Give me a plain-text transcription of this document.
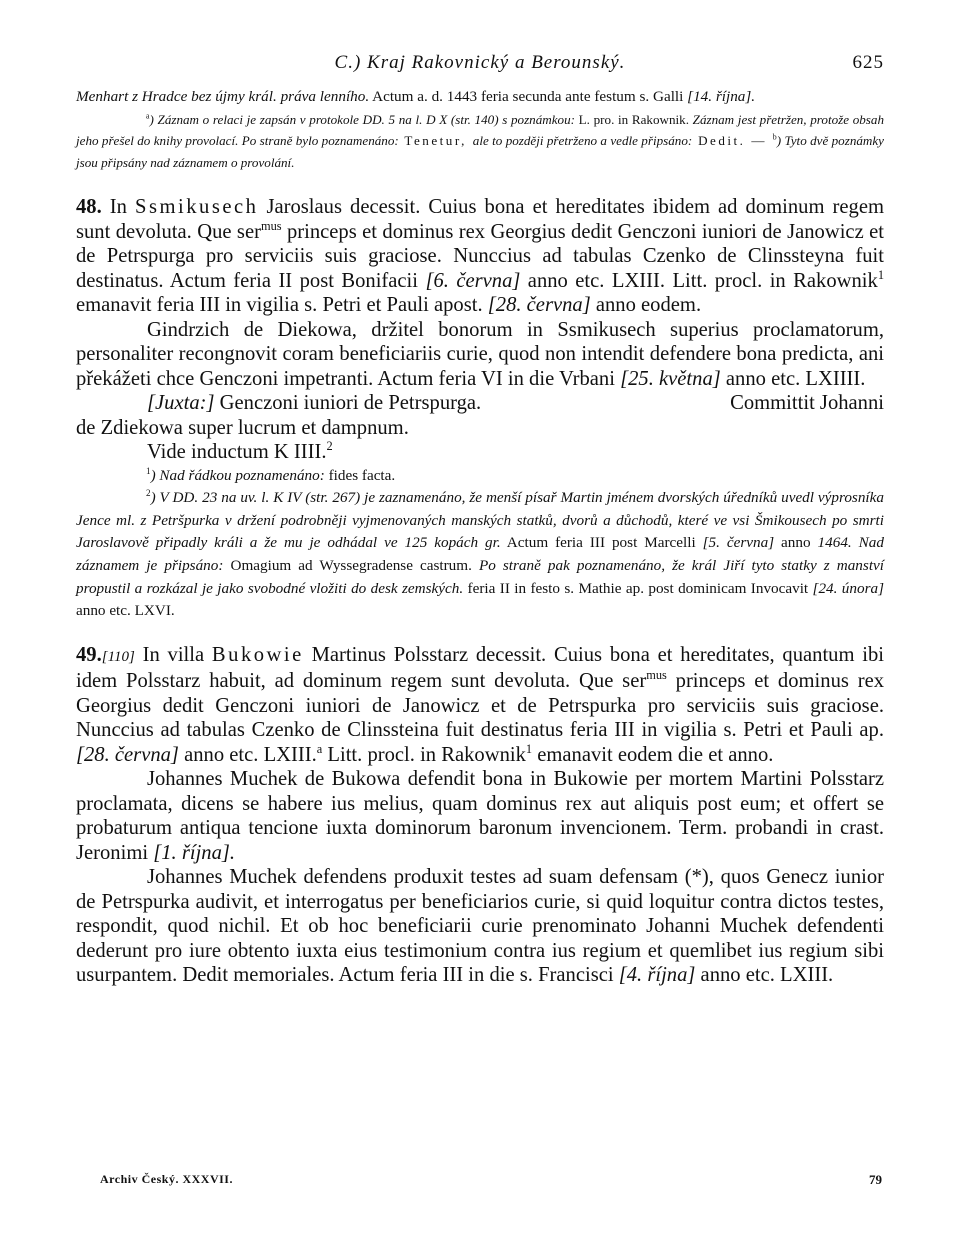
C.) Kraj Rakovnický a Berounský.	625

Menhart z Hradce bez újmy král. práva lenního. Actum a. d. 1443 feria secunda ante festum s. Galli [14. října].

$^a$) Záznam o relaci je zapsán v protokole DD. 5 na l. D X (str. 140) s poznámkou: L. pro. in Rakownik. Záznam jest přetržen, protože obsah jeho přešel do knihy provolací. Po straně bylo poznamenáno: Tenetur, ale to později přetrženo a vedle připsáno: Dedit. — $^b$) Tyto dvě poznámky jsou připsány nad záznamem o provolání.

48. In Ssmikusech Jaroslaus decessit. Cuius bona et hereditates ibidem ad dominum regem sunt devoluta. Que ser$^{mus}$ princeps et dominus rex Georgius dedit Genczoni iuniori de Janowicz et de Petrspurga pro serviciis suis graciose. Nunccius ad tabulas Czenko de Clinssteyna fuit destinatus. Actum feria II post Bonifacii [6. června] anno etc. LXIII. Litt. procl. in Rakownik$^1$ emanavit feria III in vigilia s. Petri et Pauli apost. [28. června] anno eodem.

Gindrzich de Diekowa, držitel bonorum in Ssmikusech superius proclamatorum, personaliter recongnovit coram beneficiariis curie, quod non intendit defendere bona predicta, ani překážeti chce Genczoni impetranti. Actum feria VI in die Vrbani [25. května] anno etc. LXIIII.

[Juxta:] Genczoni iuniori de Petrspurga.	Committit Johanni

de Zdiekowa super lucrum et dampnum.

Vide inductum K IIII.$^2$

$^1$) Nad řádkou poznamenáno: fides facta.

$^2$) V DD. 23 na uv. l. K IV (str. 267) je zaznamenáno, že menší písař Martin jménem dvorských úředníků uvedl výprosníka Jence ml. z Petršpurka v držení podrobněji vyjmenovaných manských statků, dvorů a důchodů, které ve vsi Šmikousech po smrti Jaroslavově připadly králi a že mu je odhádal ve 125 kopách gr. Actum feria III post Marcelli [5. června] anno 1464. Nad záznamem je připsáno: Omagium ad Wyssegradense castrum. Po straně pak poznamenáno, že král Jiří tyto statky z manství propustil a rozkázal je jako svobodné vložiti do desk zemských. feria II in festo s. Mathie ap. post dominicam Invocavit [24. února] anno etc. LXVI.

49.[110] In villa Bukowie Martinus Polsstarz decessit. Cuius bona et hereditates, quantum ibi idem Polsstarz habuit, ad dominum regem sunt devoluta. Que ser$^{mus}$ princeps et dominus rex Georgius dedit Genczoni iuniori de Janowicz et de Petrspurka pro serviciis suis graciose. Nunccius ad tabulas Czenko de Clinssteina fuit destinatus feria III in vigilia s. Petri et Pauli ap. [28. června] anno etc. LXIII.$^a$ Litt. procl. in Rakownik$^1$ emanavit eodem die et anno.

Johannes Muchek de Bukowa defendit bona in Bukowie per mortem Martini Polsstarz proclamata, dicens se habere ius melius, quam dominus rex aut aliquis post eum; et offert se probaturum antiqua tencione iuxta dominorum baronum invencionem. Term. probandi in crast. Jeronimi [1. října].

Johannes Muchek defendens produxit testes ad suam defensam (*), quos Genecz iunior de Petrspurka audivit, et interrogatus per beneficiarios curie, si quid loquitur contra dictos testes, respondit, quod nichil. Et ob hoc beneficiarii curie prenominato Johanni Muchek defendenti dederunt pro iure obtento iuxta eius testimonium contra ius regium et quemlibet ius regium sibi usurpantem. Dedit memoriales. Actum feria III in die s. Francisci [4. října] anno etc. LXIII.

Archiv Český. XXXVII.	79
